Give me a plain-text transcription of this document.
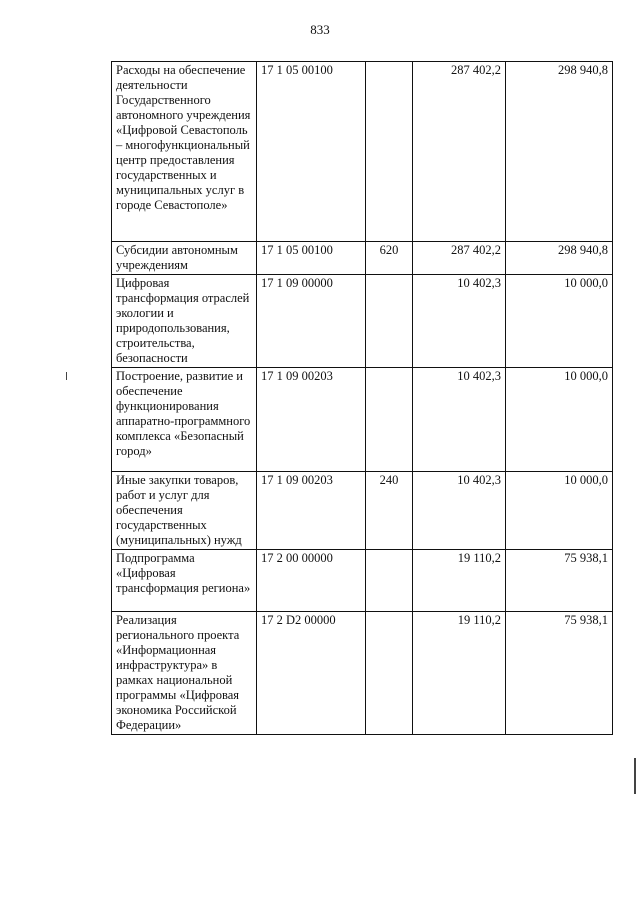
833
Расходы на обеспечение деятельности Государственного автономного учреждения «Цифровой Севастополь – многофункциональный центр предоставления государственных и муниципальных услуг в городе Севастополе»	17 1 05 00100		287 402,2	298 940,8
Субсидии автономным учреждениям	17 1 05 00100	620	287 402,2	298 940,8
Цифровая трансформация отраслей экологии и природопользования, строительства, безопасности	17 1 09 00000		10 402,3	10 000,0
Построение, развитие и обеспечение функционирования аппаратно-программного комплекса «Безопасный город»	17 1 09 00203		10 402,3	10 000,0
Иные закупки товаров, работ и услуг для обеспечения государственных (муниципальных) нужд	17 1 09 00203	240	10 402,3	10 000,0
Подпрограмма «Цифровая трансформация региона»	17 2 00 00000		19 110,2	75 938,1
Реализация регионального проекта «Информационная инфраструктура» в рамках национальной программы «Цифровая экономика Российской Федерации»	17 2 D2 00000		19 110,2	75 938,1
